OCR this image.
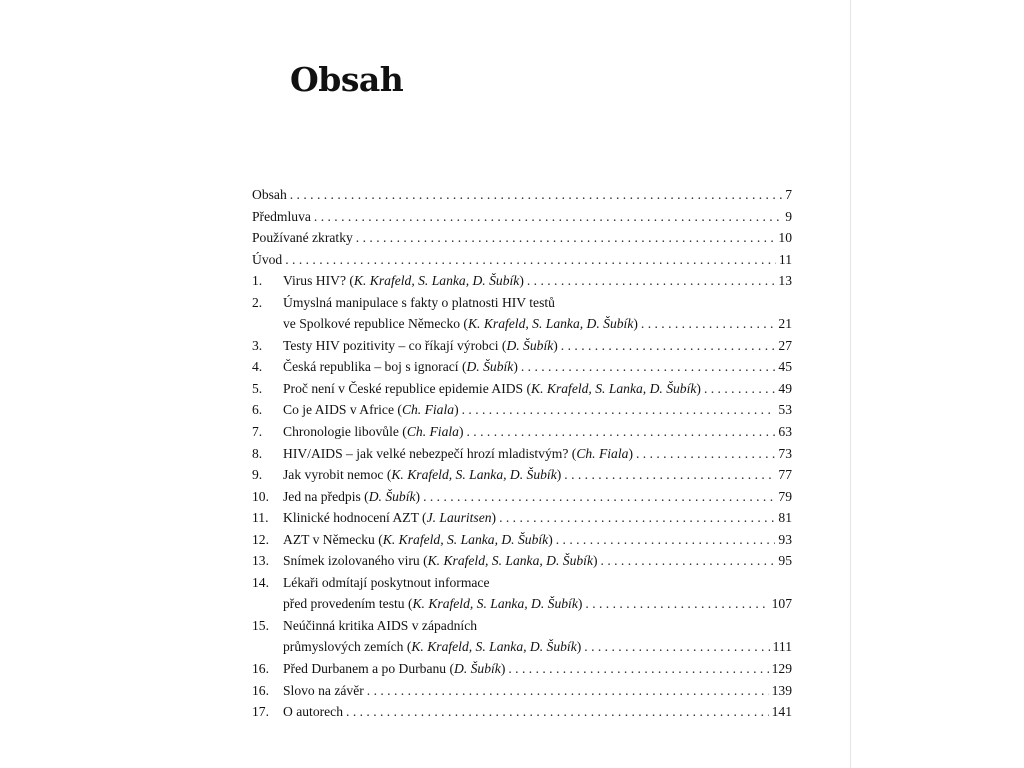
Obsah
Obsah . . .	7
Předmluva . . .	9
Používané zkratky . . .	10
Úvod . . .	11
1.	Virus HIV? (K. Krafeld, S. Lanka, D. Šubík) . . .	13
2.	Úmyslná manipulace s fakty o platnosti HIV testů
ve Spolkové republice Německo (K. Krafeld, S. Lanka, D. Šubík) . . .	21
3.	Testy HIV pozitivity – co říkají výrobci (D. Šubík) . . .	27
4.	Česká republika – boj s ignorací (D. Šubík) . . .	45
5.	Proč není v České republice epidemie AIDS (K. Krafeld, S. Lanka, D. Šubík) . . .	49
6.	Co je AIDS v Africe (Ch. Fiala) . . .	53
7.	Chronologie libovůle (Ch. Fiala) . . .	63
8.	HIV/AIDS – jak velké nebezpečí hrozí mladistvým? (Ch. Fiala) . . .	73
9.	Jak vyrobit nemoc (K. Krafeld, S. Lanka, D. Šubík) . . .	77
10.	Jed na předpis (D. Šubík) . . .	79
11.	Klinické hodnocení AZT (J. Lauritsen) . . .	81
12.	AZT v Německu (K. Krafeld, S. Lanka, D. Šubík) . . .	93
13.	Snímek izolovaného viru (K. Krafeld, S. Lanka, D. Šubík) . . .	95
14.	Lékaři odmítají poskytnout informace
před provedením testu (K. Krafeld, S. Lanka, D. Šubík) . . .	107
15.	Neúčinná kritika AIDS v západních
průmyslových zemích (K. Krafeld, S. Lanka, D. Šubík) . . .	111
16.	Před Durbanem a po Durbanu (D. Šubík) . . .	129
16.	Slovo na závěr . . .	139
17.	O autorech . . .	141
